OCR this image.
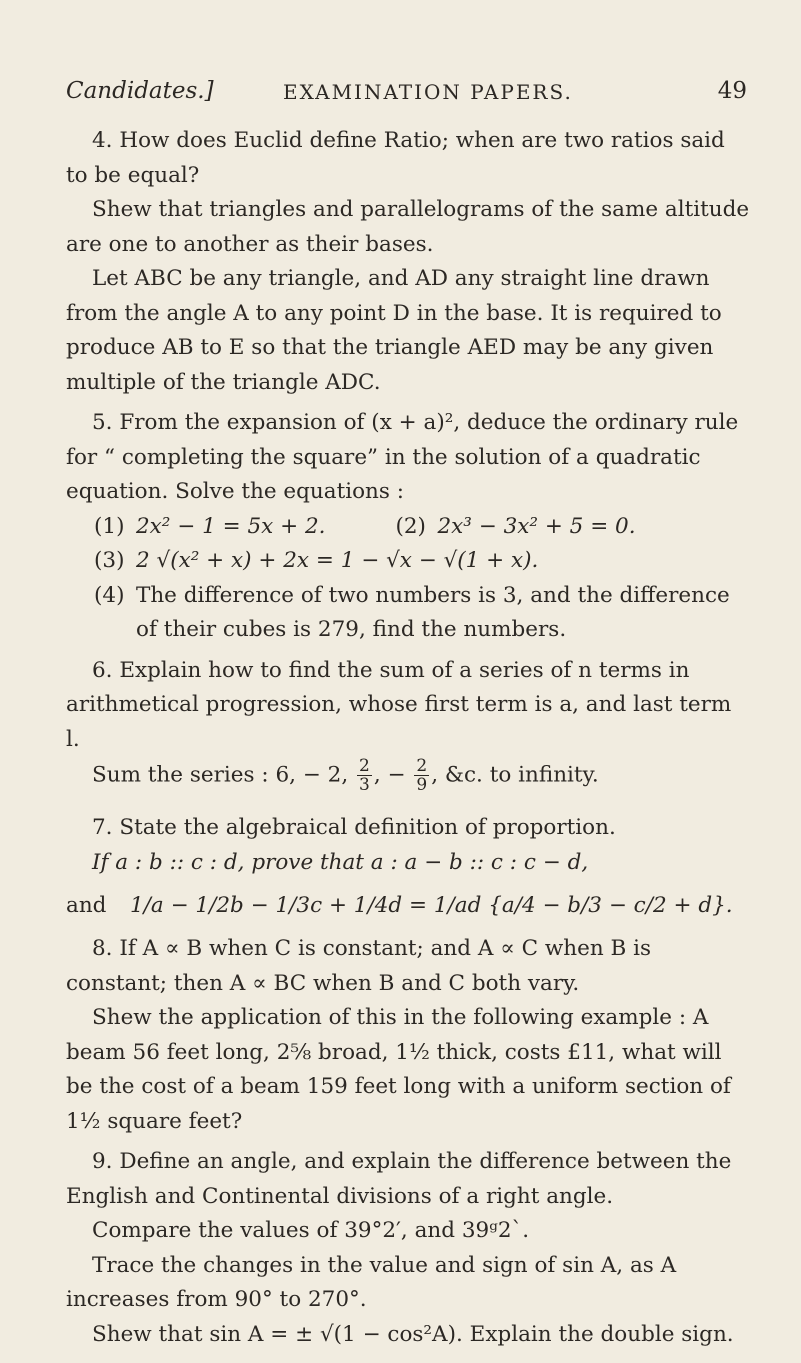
Candidates.]	EXAMINATION PAPERS.	49

4. How does Euclid define Ratio; when are two ratios said to be equal?

Shew that triangles and parallelograms of the same altitude are one to another as their bases.

Let ABC be any triangle, and AD any straight line drawn from the angle A to any point D in the base. It is required to produce AB to E so that the triangle AED may be any given multiple of the triangle ADC.

5. From the expansion of (x + a)², deduce the ordinary rule for “ completing the square” in the solution of a quadratic equation. Solve the equations :

(1) 2x² − 1 = 5x + 2.	(2) 2x³ − 3x² + 5 = 0.
(3) 2 √(x² + x) + 2x = 1 − √x − √(1 + x).
(4) The difference of two numbers is 3, and the difference of their cubes is 279, find the numbers.

6. Explain how to find the sum of a series of n terms in arithmetical progression, whose first term is a, and last term l.

Sum the series : 6, − 2, $\frac{2}{3}$ , − $\frac{2}{9}$ , &c. to infinity.

7. State the algebraical definition of proportion.

If a : b :: c : d, prove that a : a − b :: c : c − d,

and	1/a − 1/2b − 1/3c + 1/4d
= 1/ad {a/4 − b/3 − c/2 + d}.

8. If A ∝ B when C is constant; and A ∝ C when B is constant; then A ∝ BC when B and C both vary.

Shew the application of this in the following example : A beam 56 feet long, 2⅝ broad, 1½ thick, costs £11, what will be the cost of a beam 159 feet long with a uniform section of 1½ square feet?

9. Define an angle, and explain the difference between the English and Continental divisions of a right angle.

Compare the values of 39°2′, and 39ᵍ2ˋ.

Trace the changes in the value and sign of sin A, as A increases from 90° to 270°.

Shew that sin A = ± √(1 − cos²A). Explain the double sign.
